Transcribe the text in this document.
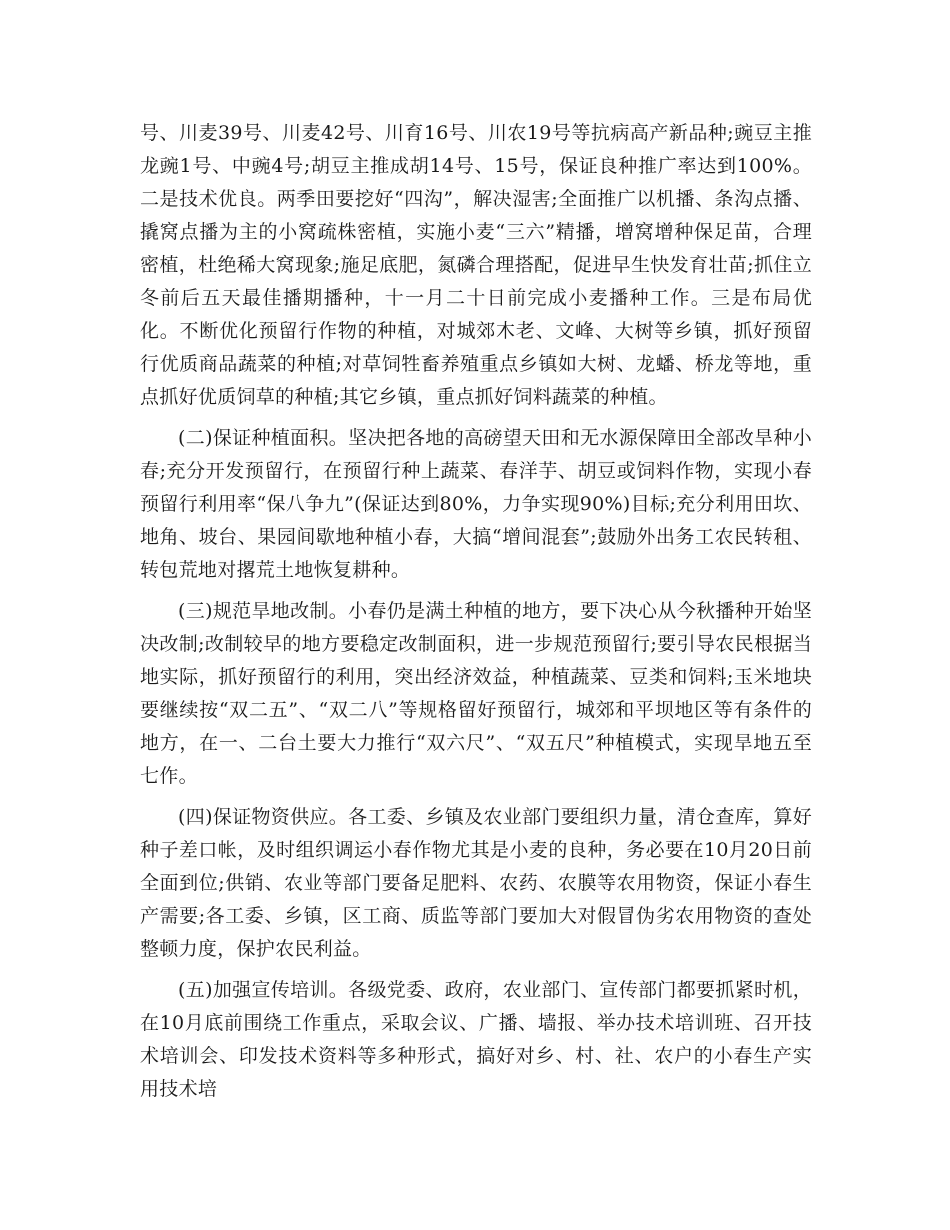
号、川麦39号、川麦42号、川育16号、川农19号等抗病高产新品种;豌豆主推龙豌1号、中豌4号;胡豆主推成胡14号、15号，保证良种推广率达到100%。二是技术优良。两季田要挖好“四沟”，解决湿害;全面推广以机播、条沟点播、撬窝点播为主的小窝疏株密植，实施小麦“三六”精播，增窝增种保足苗，合理密植，杜绝稀大窝现象;施足底肥，氮磷合理搭配，促进早生快发育壮苗;抓住立冬前后五天最佳播期播种，十一月二十日前完成小麦播种工作。三是布局优化。不断优化预留行作物的种植，对城郊木老、文峰、大树等乡镇，抓好预留行优质商品蔬菜的种植;对草饲牲畜养殖重点乡镇如大树、龙蟠、桥龙等地，重点抓好优质饲草的种植;其它乡镇，重点抓好饲料蔬菜的种植。

(二)保证种植面积。坚决把各地的高磅望天田和无水源保障田全部改旱种小春;充分开发预留行，在预留行种上蔬菜、春洋芋、胡豆或饲料作物，实现小春预留行利用率“保八争九”(保证达到80%，力争实现90%)目标;充分利用田坎、地角、坡台、果园间歇地种植小春，大搞“增间混套”;鼓励外出务工农民转租、转包荒地对撂荒土地恢复耕种。

(三)规范旱地改制。小春仍是满土种植的地方，要下决心从今秋播种开始坚决改制;改制较早的地方要稳定改制面积，进一步规范预留行;要引导农民根据当地实际，抓好预留行的利用，突出经济效益，种植蔬菜、豆类和饲料;玉米地块要继续按“双二五”、“双二八”等规格留好预留行，城郊和平坝地区等有条件的地方，在一、二台土要大力推行“双六尺”、“双五尺”种植模式，实现旱地五至七作。

(四)保证物资供应。各工委、乡镇及农业部门要组织力量，清仓查库，算好种子差口帐，及时组织调运小春作物尤其是小麦的良种，务必要在10月20日前全面到位;供销、农业等部门要备足肥料、农药、农膜等农用物资，保证小春生产需要;各工委、乡镇，区工商、质监等部门要加大对假冒伪劣农用物资的查处整顿力度，保护农民利益。

(五)加强宣传培训。各级党委、政府，农业部门、宣传部门都要抓紧时机，在10月底前围绕工作重点，采取会议、广播、墙报、举办技术培训班、召开技术培训会、印发技术资料等多种形式，搞好对乡、村、社、农户的小春生产实用技术培
